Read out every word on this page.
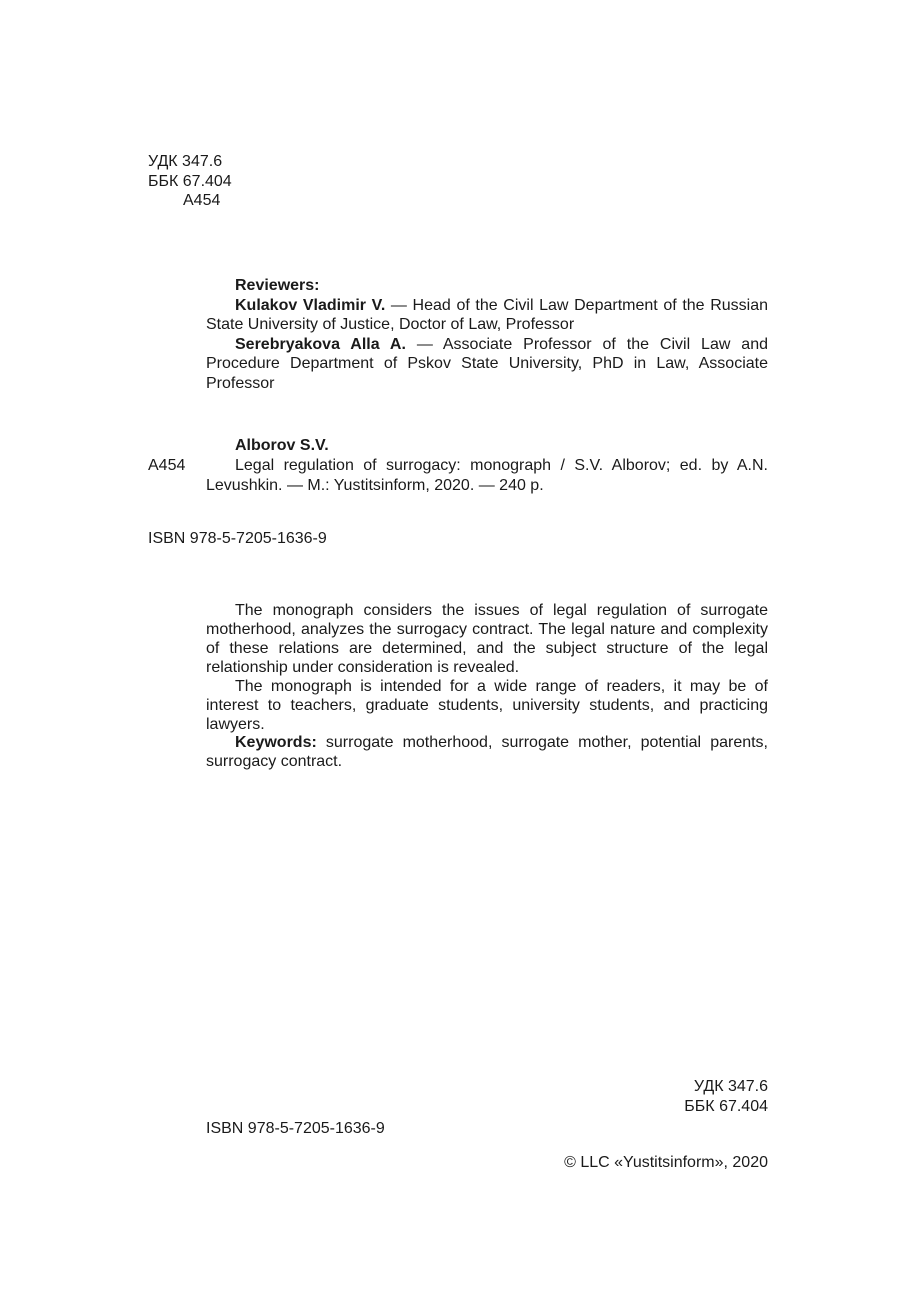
УДК 347.6
ББК 67.404
А454

Reviewers:

Kulakov Vladimir V. — Head of the Civil Law Department of the Russian State University of Justice, Doctor of Law, Professor

Serebryakova Alla A. — Associate Professor of the Civil Law and Procedure Department of Pskov State University, PhD in Law, Associate Professor

Alborov S.V.
А454	Legal regulation of surrogacy: monograph / S.V. Alborov; ed. by A.N. Levushkin. — M.: Yustitsinform, 2020. — 240 p.

ISBN 978-5-7205-1636-9

The monograph considers the issues of legal regulation of surrogate motherhood, analyzes the surrogacy contract. The legal nature and complexity of these relations are determined, and the subject structure of the legal relationship under consideration is revealed.

The monograph is intended for a wide range of readers, it may be of interest to teachers, graduate students, university students, and practicing lawyers.

Keywords: surrogate motherhood, surrogate mother, potential parents, surrogacy contract.

УДК 347.6
ББК 67.404
ISBN 978-5-7205-1636-9
© LLC «Yustitsinform», 2020
